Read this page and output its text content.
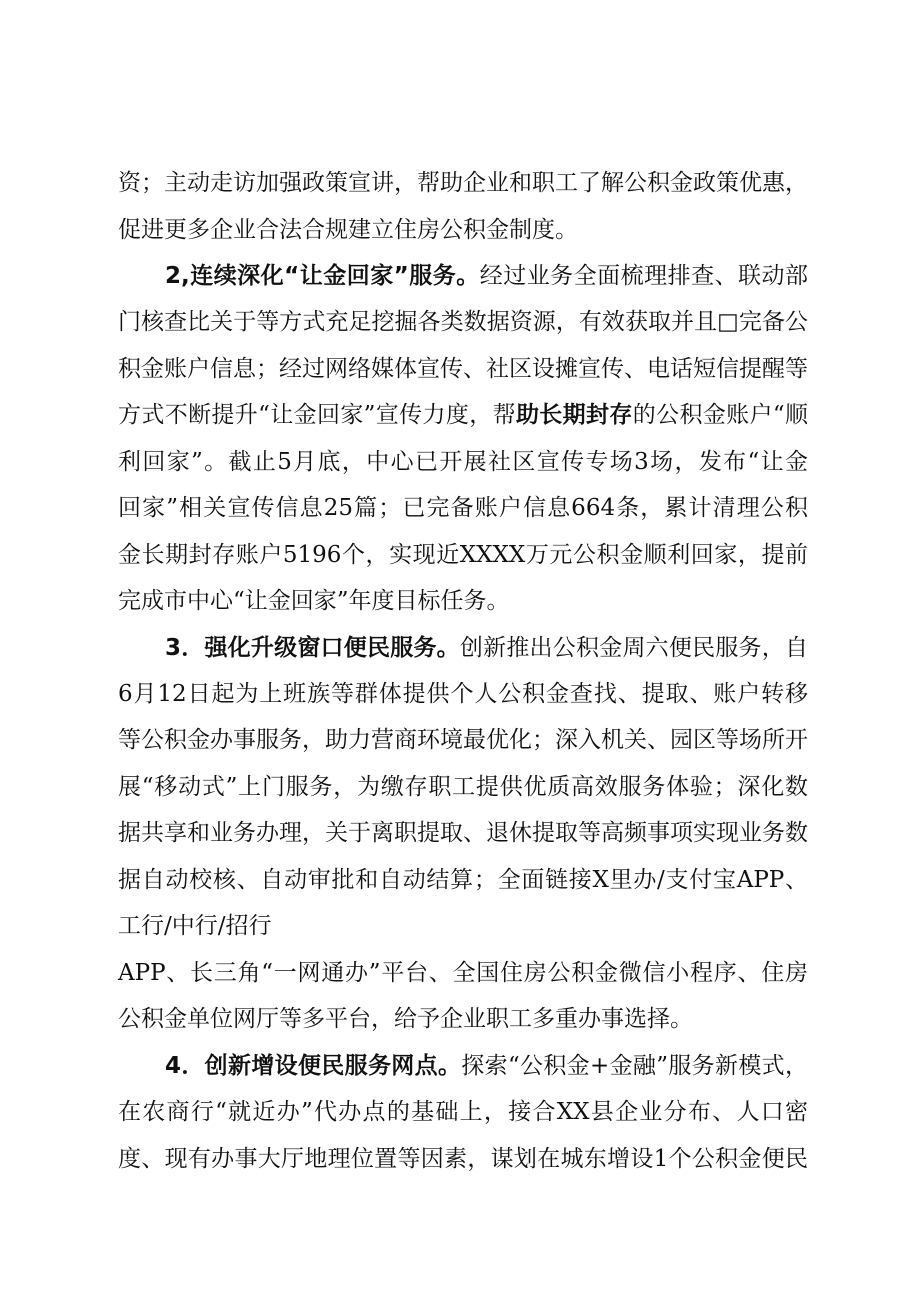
资；主动走访加强政策宣讲，帮助企业和职工了解公积金政策优惠，
促进更多企业合法合规建立住房公积金制度。
2,连续深化“让金回家”服务。经过业务全面梳理排查、联动部
门核查比关于等方式充足挖掘各类数据资源，有效获取并且□完备公
积金账户信息；经过网络媒体宣传、社区设摊宣传、电话短信提醒等
方式不断提升“让金回家”宣传力度，帮助长期封存的公积金账户“顺
利回家”。截止5月底，中心已开展社区宣传专场3场，发布“让金
回家”相关宣传信息25篇；已完备账户信息664条，累计清理公积
金长期封存账户5196个，实现近XXXX万元公积金顺利回家，提前
完成市中心“让金回家”年度目标任务。
3．强化升级窗口便民服务。创新推出公积金周六便民服务，自
6月12日起为上班族等群体提供个人公积金查找、提取、账户转移
等公积金办事服务，助力营商环境最优化；深入机关、园区等场所开
展“移动式”上门服务，为缴存职工提供优质高效服务体验；深化数
据共享和业务办理，关于离职提取、退休提取等高频事项实现业务数
据自动校核、自动审批和自动结算；全面链接X里办/支付宝APP、
工行/中行/招行
APP、长三角“一网通办”平台、全国住房公积金微信小程序、住房
公积金单位网厅等多平台，给予企业职工多重办事选择。
4．创新增设便民服务网点。探索“公积金+金融”服务新模式，
在农商行“就近办”代办点的基础上，接合XX县企业分布、人口密
度、现有办事大厅地理位置等因素，谋划在城东增设1个公积金便民
